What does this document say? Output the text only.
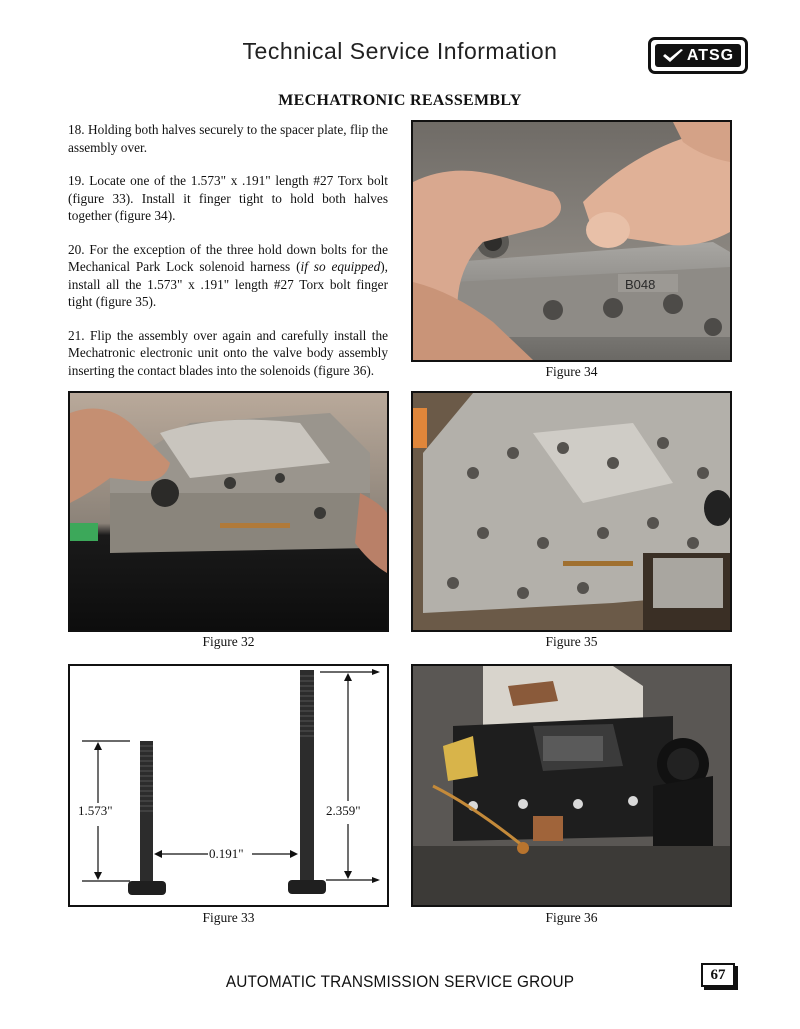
Technical Service Information	ATSG
MECHATRONIC REASSEMBLY

18. Holding both halves securely to the spacer plate, flip the assembly over.

19. Locate one of the 1.573" x .191" length #27 Torx bolt (figure 33). Install it finger tight to hold both halves together (figure 34).

20. For the exception of the three hold down bolts for the Mechanical Park Lock solenoid harness (if so equipped), install all the 1.573" x .191" length #27 Torx bolt finger tight (figure 35).

21. Flip the assembly over again and carefully install the Mechatronic electronic unit onto the valve body assembly inserting the contact blades into the solenoids (figure 36).

B048
Figure 34
Figure 32	Figure 35
1.573"	2.359"
0.191"
Figure 33	Figure 36
AUTOMATIC TRANSMISSION SERVICE GROUP	67
